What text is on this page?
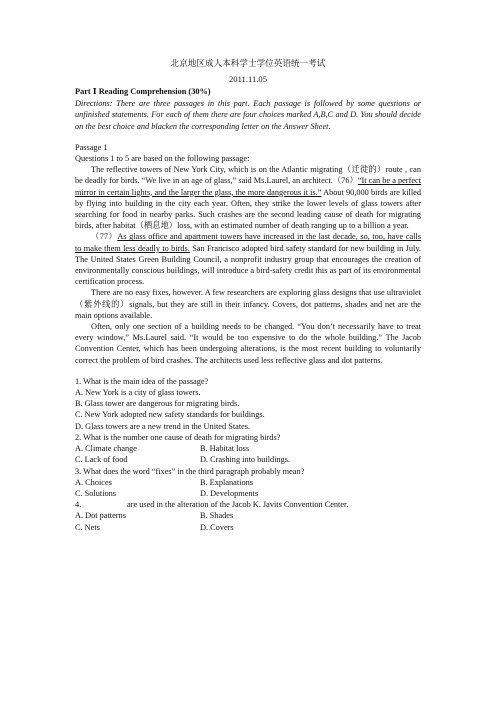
北京地区成人本科学士学位英语统一考试
2011.11.05

Part Ⅰ Reading Comprehension (30%)

Directions: There are three passages in this part. Each passage is followed by some questions or unfinished statements. For each of them there are four choices marked A,B,C and D. You should decide on the best choice and blacken the corresponding letter on the Answer Sheet.

Passage 1

Questions 1 to 5 are based on the following passage:

The reflective towers of New York City, which is on the Atlantic migrating（迁徙的）route , can be deadly for birds. “We live in an age of glass,” said Ms.Laurel, an architect.（76）“It can be a perfect mirror in certain lights, and the larger the glass, the more dangerous it is.” About 90,000 birds are killed by flying into building in the city each year. Often, they strike the lower levels of glass towers after searching for food in nearby parks. Such crashes are the second leading cause of death for migrating birds, after habitat（栖息地）loss, with an estimated number of death ranging up to a billion a year.

（77）As glass office and apartment towers have increased in the last decade, so, too, have calls to make them less deadly to birds. San Francisco adopted bird safety standard for new building in July. The United States Green Building Council, a nonprofit industry group that encourages the creation of environmentally conscious buildings, will introduce a bird-safety credit this as part of its environmental certification process.

There are no easy fixes, however. A few researchers are exploring glass designs that use ultraviolet（紫外线的）signals, but they are still in their infancy. Covers, dot patterns, shades and net are the main options available.

Often, only one section of a building needs to be changed. “You don’t necessarily have to treat every window,” Ms.Laurel said. “It would be too expensive to do the whole building.” The Jacob Convention Center, which has been undergoing alterations, is the most recent building to voluntarily correct the problem of bird crashes. The architects used less reflective glass and dot patterns.

1. What is the main idea of the passage?

A. New York is a city of glass towers.

B. Glass tower are dangerous for migrating birds.

C. New York adopted new safety standards for buildings.

D. Glass towers are a new trend in the United States.

2. What is the number one cause of death for migrating birds?

A. Climate change	B. Habitat loss
C. Lack of food	D. Crashing into buildings.

3. What does the word “fixes” in the third paragraph probably mean?

A. Choices	B. Explanations
C. Solutions	D. Developments
4.	are used in the alteration of the Jacob K. Javits Convention Center.
A. Dot patterns	B. Shades
C. Nets	D. Covers
